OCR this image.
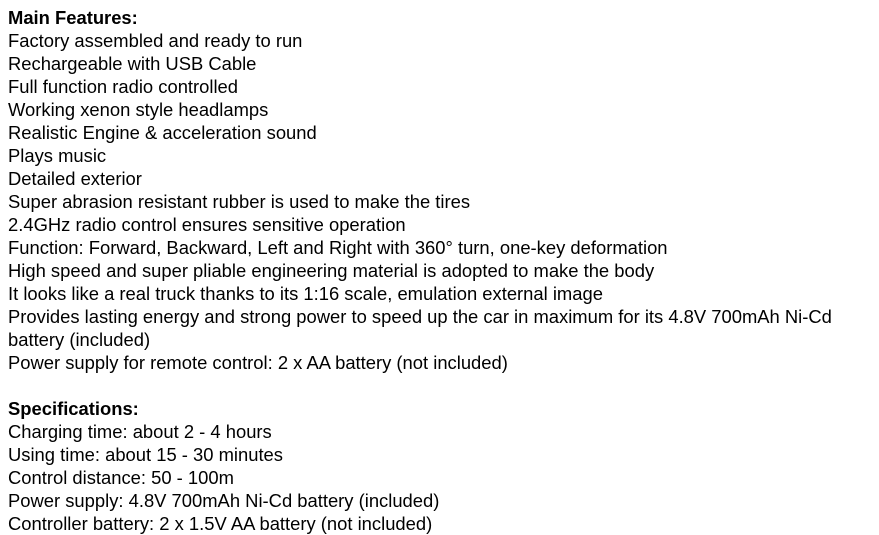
Main Features:

Factory assembled and ready to run
Rechargeable with USB Cable
Full function radio controlled
Working xenon style headlamps
Realistic Engine & acceleration sound
Plays music
Detailed exterior
Super abrasion resistant rubber is used to make the tires
2.4GHz radio control ensures sensitive operation
Function: Forward, Backward, Left and Right with 360° turn, one-key deformation
High speed and super pliable engineering material is adopted to make the body
It looks like a real truck thanks to its 1:16 scale, emulation external image
Provides lasting energy and strong power to speed up the car in maximum for its 4.8V 700mAh Ni-Cd battery (included)
Power supply for remote control: 2 x AA battery (not included)

Specifications:

Charging time: about 2 - 4 hours
Using time: about 15 - 30 minutes
Control distance: 50 - 100m
Power supply: 4.8V 700mAh Ni-Cd battery (included)
Controller battery: 2 x 1.5V AA battery (not included)
